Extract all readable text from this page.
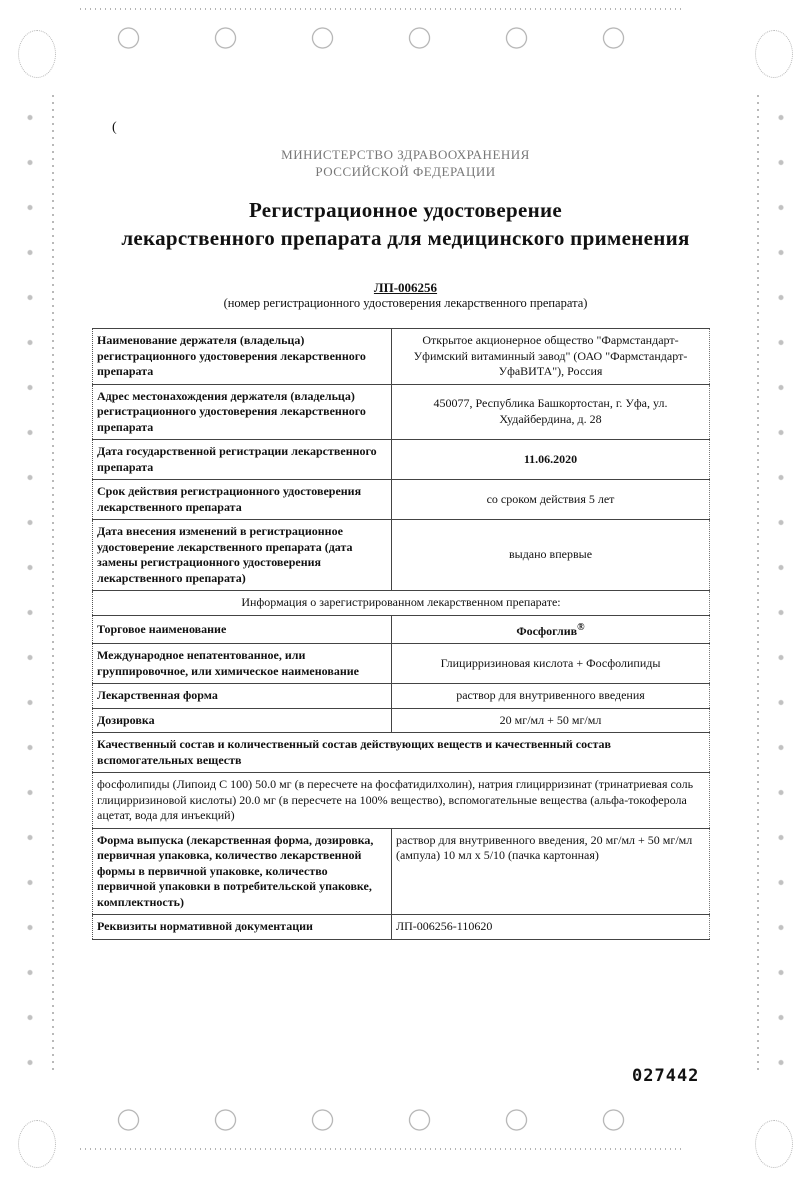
(
МИНИСТЕРСТВО ЗДРАВООХРАНЕНИЯ
РОССИЙСКОЙ ФЕДЕРАЦИИ
Регистрационное удостоверение
лекарственного препарата для медицинского применения
ЛП-006256
(номер регистрационного удостоверения лекарственного препарата)
Наименование держателя (владельца) регистрационного удостоверения лекарственного препарата	Открытое акционерное общество "Фармстандарт-Уфимский витаминный завод" (ОАО "Фармстандарт-УфаВИТА"), Россия
Адрес местонахождения держателя (владельца) регистрационного удостоверения лекарственного препарата	450077, Республика Башкортостан, г. Уфа, ул. Худайбердина, д. 28
Дата государственной регистрации лекарственного препарата	11.06.2020
Срок действия регистрационного удостоверения лекарственного препарата	со сроком действия 5 лет
Дата внесения изменений в регистрационное удостоверение лекарственного препарата (дата замены регистрационного удостоверения лекарственного препарата)	выдано впервые
Информация о зарегистрированном лекарственном препарате:	
Торговое наименование	Фосфоглив®
Международное непатентованное, или группировочное, или химическое наименование	Глицирризиновая кислота + Фосфолипиды
Лекарственная форма	раствор для внутривенного введения
Дозировка	20 мг/мл + 50 мг/мл
Качественный состав и количественный состав действующих веществ и качественный состав вспомогательных веществ	
фосфолипиды (Липоид С 100) 50.0 мг (в пересчете на фосфатидилхолин), натрия глицирризинат (тринатриевая соль глицирризиновой кислоты) 20.0 мг (в пересчете на 100% вещество), вспомогательные вещества (альфа-токоферола ацетат, вода для инъекций)	
Форма выпуска (лекарственная форма, дозировка, первичная упаковка, количество лекарственной формы в первичной упаковке, количество первичной упаковки в потребительской упаковке, комплектность)	раствор для внутривенного введения, 20 мг/мл + 50 мг/мл (ампула) 10 мл x 5/10 (пачка картонная)
Реквизиты нормативной документации	ЛП-006256-110620
027442
